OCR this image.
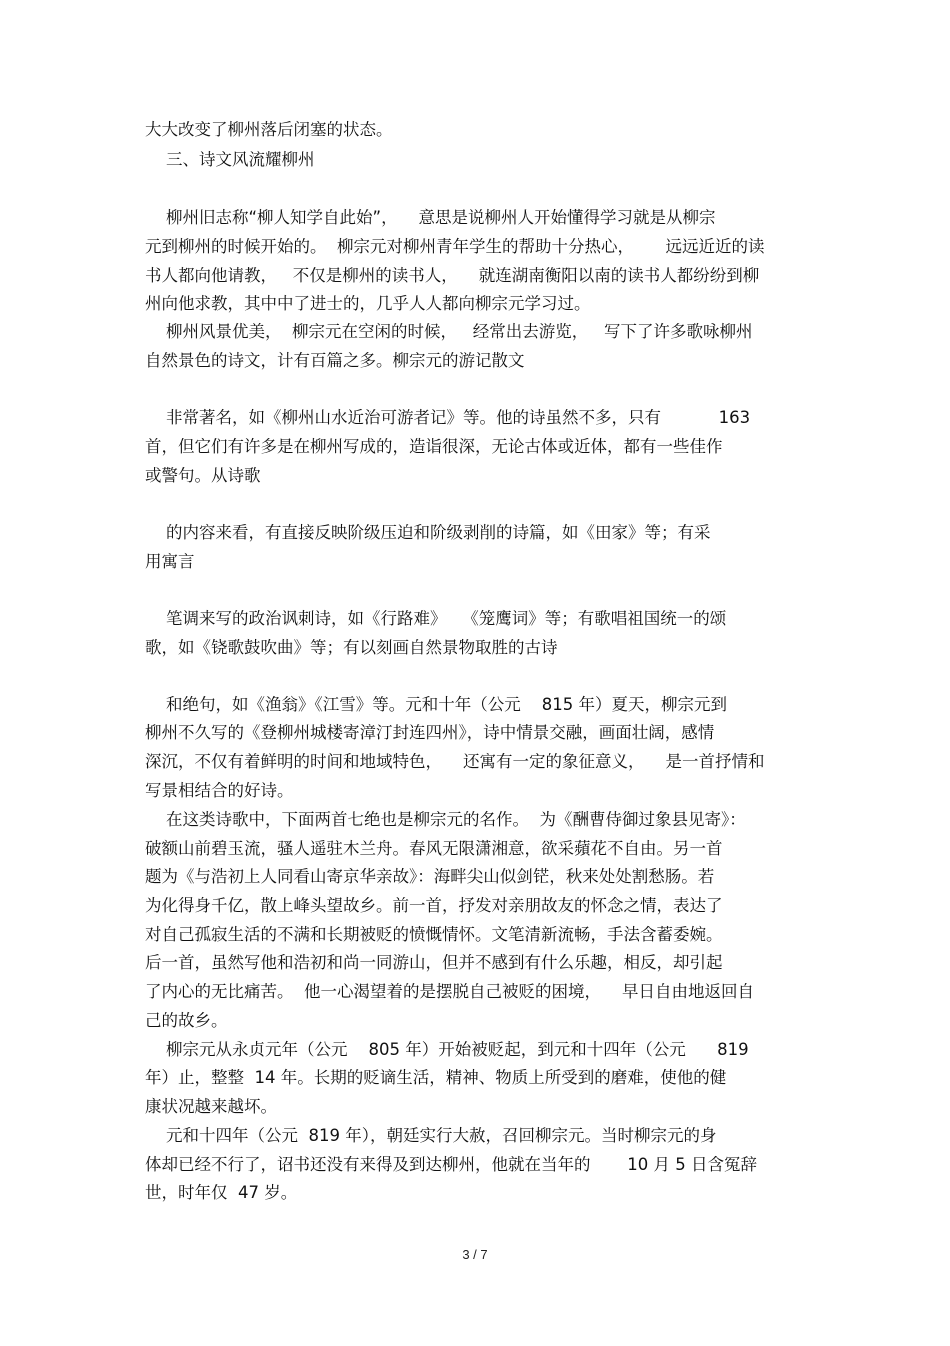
大大改变了柳州落后闭塞的状态。
三、诗文风流耀柳州
柳州旧志称“柳人知学自此始”，    意思是说柳州人开始懂得学习就是从柳宗
元到柳州的时候开始的。  柳宗元对柳州青年学生的帮助十分热心，      远远近近的读
书人都向他请教，   不仅是柳州的读书人，    就连湖南衡阳以南的读书人都纷纷到柳
州向他求教，其中中了进士的，几乎人人都向柳宗元学习过。
柳州风景优美，  柳宗元在空闲的时候，   经常出去游览，   写下了许多歌咏柳州
自然景色的诗文，计有百篇之多。柳宗元的游记散文
非常著名，如《柳州山水近治可游者记》等。他的诗虽然不多，只有           163
首，但它们有许多是在柳州写成的，造诣很深，无论古体或近体，都有一些佳作
或警句。从诗歌
的内容来看，有直接反映阶级压迫和阶级剥削的诗篇，如《田家》等；有采
用寓言
笔调来写的政治讽刺诗，如《行路难》   《笼鹰词》等；有歌唱祖国统一的颂
歌，如《铙歌鼓吹曲》等；有以刻画自然景物取胜的古诗
和绝句，如《渔翁》《江雪》等。元和十年（公元    815 年）夏天，柳宗元到
柳州不久写的《登柳州城楼寄漳汀封连四州》，诗中情景交融，画面壮阔，感情
深沉，不仅有着鲜明的时间和地域特色，    还寓有一定的象征意义，    是一首抒情和
写景相结合的好诗。
在这类诗歌中，下面两首七绝也是柳宗元的名作。  为《酬曹侍御过象县见寄》：
破额山前碧玉流，骚人遥驻木兰舟。春风无限潇湘意，欲采蘋花不自由。另一首
题为《与浩初上人同看山寄京华亲故》：海畔尖山似剑铓，秋来处处割愁肠。若
为化得身千亿，散上峰头望故乡。前一首，抒发对亲朋故友的怀念之情，表达了
对自己孤寂生活的不满和长期被贬的愤慨情怀。文笔清新流畅，手法含蓄委婉。
后一首，虽然写他和浩初和尚一同游山，但并不感到有什么乐趣，相反，却引起
了内心的无比痛苦。  他一心渴望着的是摆脱自己被贬的困境，    早日自由地返回自
己的故乡。
柳宗元从永贞元年（公元    805 年）开始被贬起，到元和十四年（公元      819
年）止，整整  14 年。长期的贬谪生活，精神、物质上所受到的磨难，使他的健
康状况越来越坏。
元和十四年（公元  819 年），朝廷实行大赦，召回柳宗元。当时柳宗元的身
体却已经不行了，诏书还没有来得及到达柳州，他就在当年的       10 月 5 日含冤辞
世，时年仅  47 岁。
3 / 7
